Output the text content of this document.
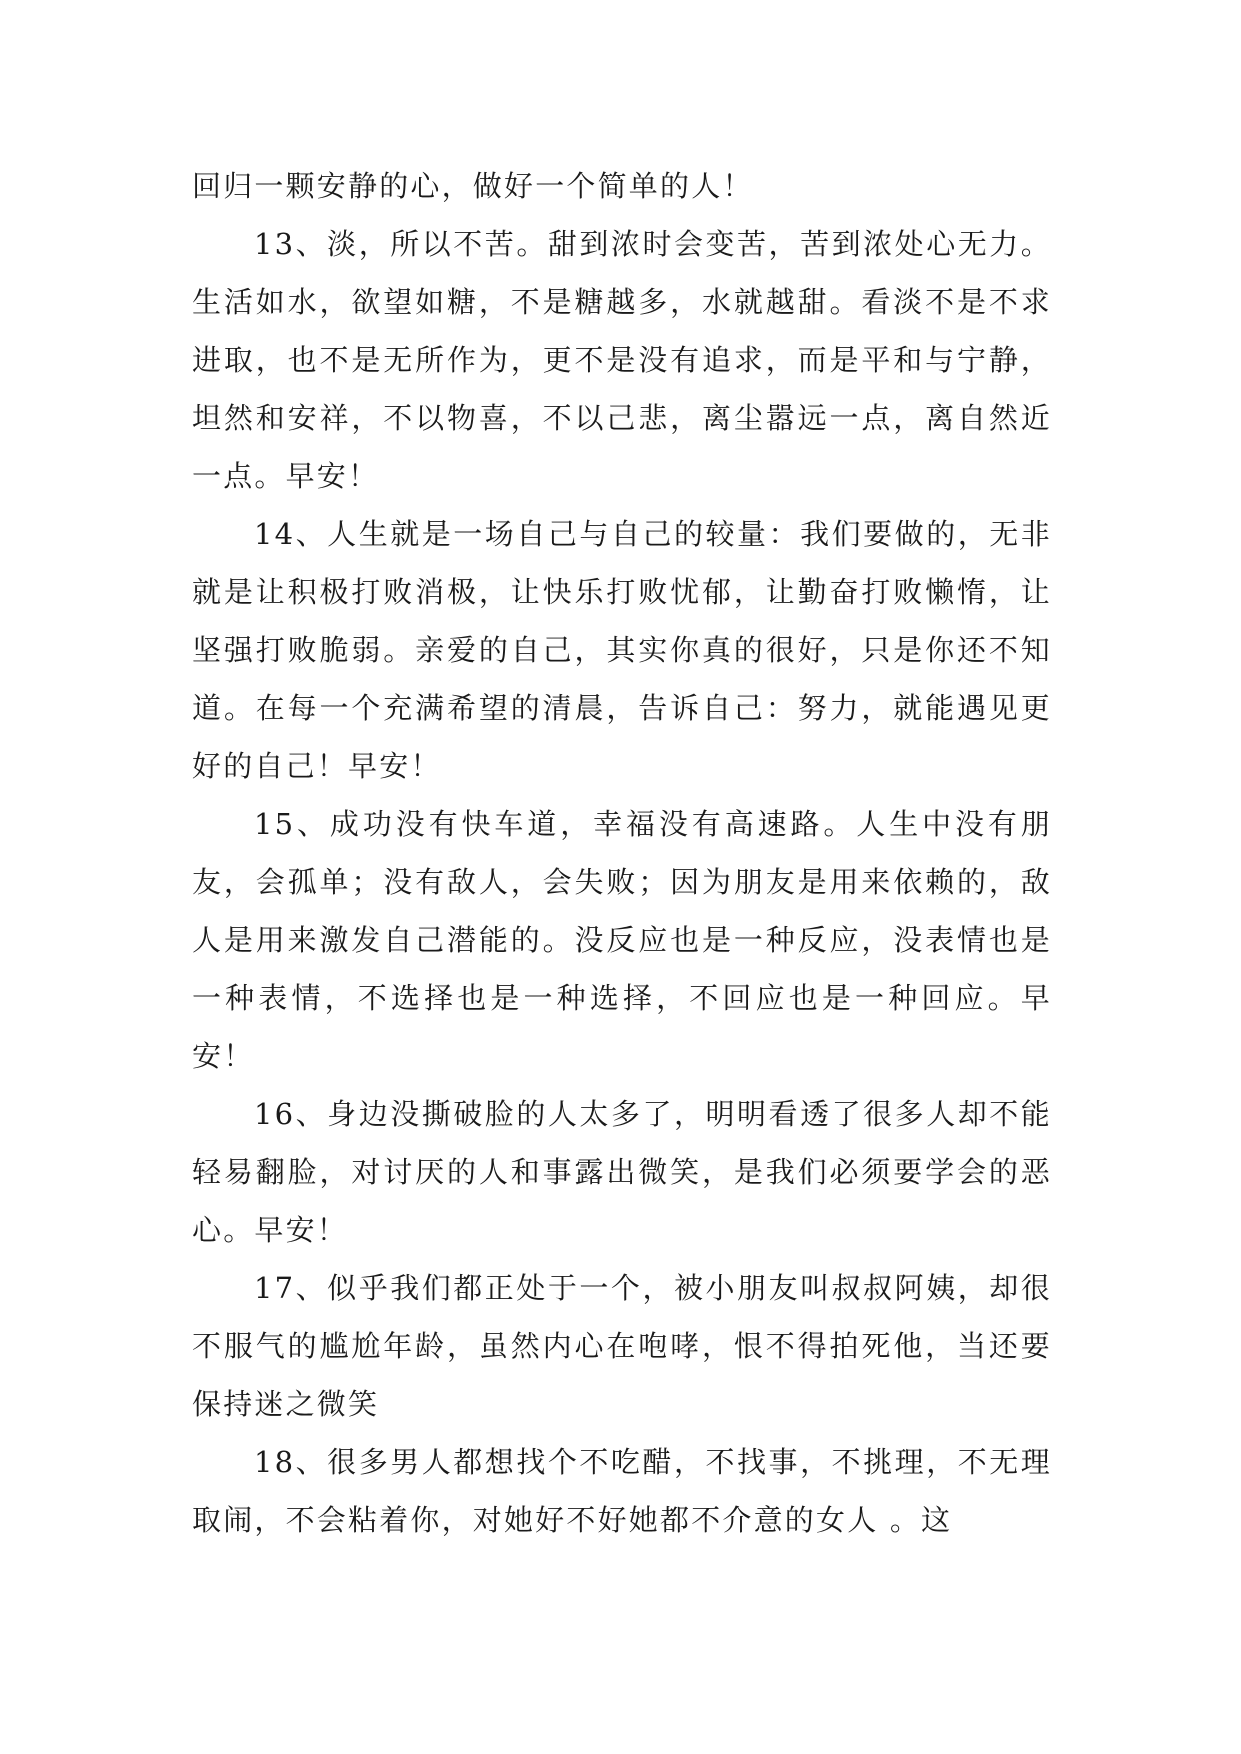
回归一颗安静的心，做好一个简单的人！

13、淡，所以不苦。甜到浓时会变苦，苦到浓处心无力。生活如水，欲望如糖，不是糖越多，水就越甜。看淡不是不求进取，也不是无所作为，更不是没有追求，而是平和与宁静，坦然和安祥，不以物喜，不以己悲，离尘嚣远一点，离自然近一点。早安！

14、人生就是一场自己与自己的较量：我们要做的，无非就是让积极打败消极，让快乐打败忧郁，让勤奋打败懒惰，让坚强打败脆弱。亲爱的自己，其实你真的很好，只是你还不知道。在每一个充满希望的清晨，告诉自己：努力，就能遇见更好的自己！早安！

15、成功没有快车道，幸福没有高速路。人生中没有朋友，会孤单；没有敌人，会失败；因为朋友是用来依赖的，敌人是用来激发自己潜能的。没反应也是一种反应，没表情也是一种表情，不选择也是一种选择，不回应也是一种回应。早安！

16、身边没撕破脸的人太多了，明明看透了很多人却不能轻易翻脸，对讨厌的人和事露出微笑，是我们必须要学会的恶心。早安！

17、似乎我们都正处于一个，被小朋友叫叔叔阿姨，却很不服气的尴尬年龄，虽然内心在咆哮，恨不得拍死他，当还要保持迷之微笑

18、很多男人都想找个不吃醋，不找事，不挑理，不无理取闹，不会粘着你，对她好不好她都不介意的女人 。这
